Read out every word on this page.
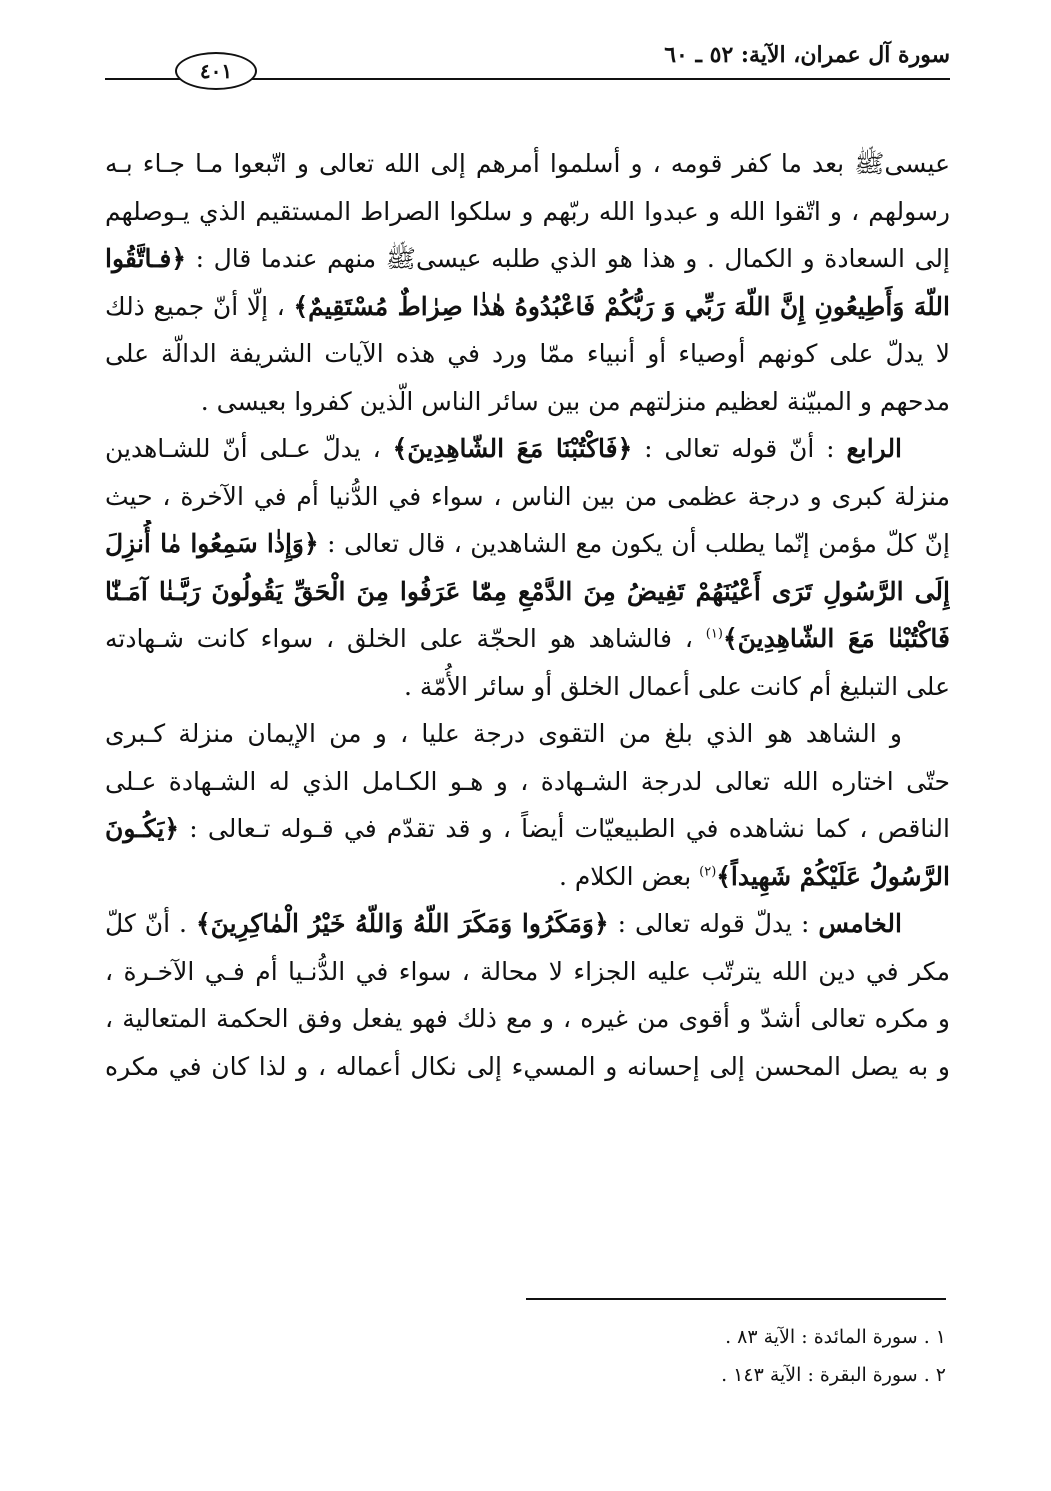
سورة آل عمران، الآية: ٥٢ ـ ٦٠
٤٠١
عيسىﷺ بعد ما كفر قومه ، و أسلموا أمرهم إلى الله تعالى و اتّبعوا مـا جـاء بـه
رسولهم ، و اتّقوا الله و عبدوا الله ربّهم و سلكوا الصراط المستقيم الذي يـوصلهم
إلى السعادة و الكمال . و هذا هو الذي طلبه عيسىﷺ منهم عندما قال : ﴿فـاتَّقُوا
اللّهَ وَأَطِيعُونِ إِنَّ اللّهَ رَبِّي وَ رَبُّكُمْ فَاعْبُدُوهُ هٰذٰا صِرٰاطٌ مُسْتَقِيمٌ﴾ ، إلّا أنّ جميع ذلك
لا يدلّ على كونهم أوصياء أو أنبياء ممّا ورد في هذه الآيات الشريفة الدالّة على
مدحهم و المبيّنة لعظيم منزلتهم من بين سائر الناس الّذين كفروا بعيسى .
الرابع : أنّ قوله تعالى : ﴿فَاكْتُبْنَا مَعَ الشّاهِدِينَ﴾ ، يدلّ عـلى أنّ للشـاهدين
منزلة كبرى و درجة عظمى من بين الناس ، سواء في الدُّنيا أم في الآخرة ، حيث
إنّ كلّ مؤمن إنّما يطلب أن يكون مع الشاهدين ، قال تعالى : ﴿وَإِذٰا سَمِعُوا مٰا أُنزِلَ
إِلَى الرَّسُولِ تَرَى أَعْيُنَهُمْ تَفِيضُ مِنَ الدَّمْعِ مِمّٰا عَرَفُوا مِنَ الْحَقِّ يَقُولُونَ رَبَّـنٰا آمَـنّٰا
فَاكْتُبْنٰا مَعَ الشّاهِدِينَ﴾$^{(١)}$ ، فالشاهد هو الحجّة على الخلق ، سواء كانت شـهادته
على التبليغ أم كانت على أعمال الخلق أو سائر الأُمّة .
و الشاهد هو الذي بلغ من التقوى درجة عليا ، و من الإيمان منزلة كـبرى
حتّى اختاره الله تعالى لدرجة الشـهادة ، و هـو الكـامل الذي له الشـهادة عـلى
الناقص ، كما نشاهده في الطبيعيّات أيضاً ، و قد تقدّم في قـوله تـعالى : ﴿يَكُـونَ
الرَّسُولُ عَلَيْكُمْ شَهِيداً﴾$^{(٢)}$ بعض الكلام .
الخامس : يدلّ قوله تعالى : ﴿وَمَكَرُوا وَمَكَرَ اللّهُ وَاللّهُ خَيْرُ الْمٰاكِرِينَ﴾ . أنّ كلّ
مكر في دين الله يترتّب عليه الجزاء لا محالة ، سواء في الدُّنـيا أم فـي الآخـرة ،
و مكره تعالى أشدّ و أقوى من غيره ، و مع ذلك فهو يفعل وفق الحكمة المتعالية ،
و به يصل المحسن إلى إحسانه و المسيء إلى نكال أعماله ، و لذا كان في مكره
١ . سورة المائدة : الآية ٨٣ .
٢ . سورة البقرة : الآية ١٤٣ .
